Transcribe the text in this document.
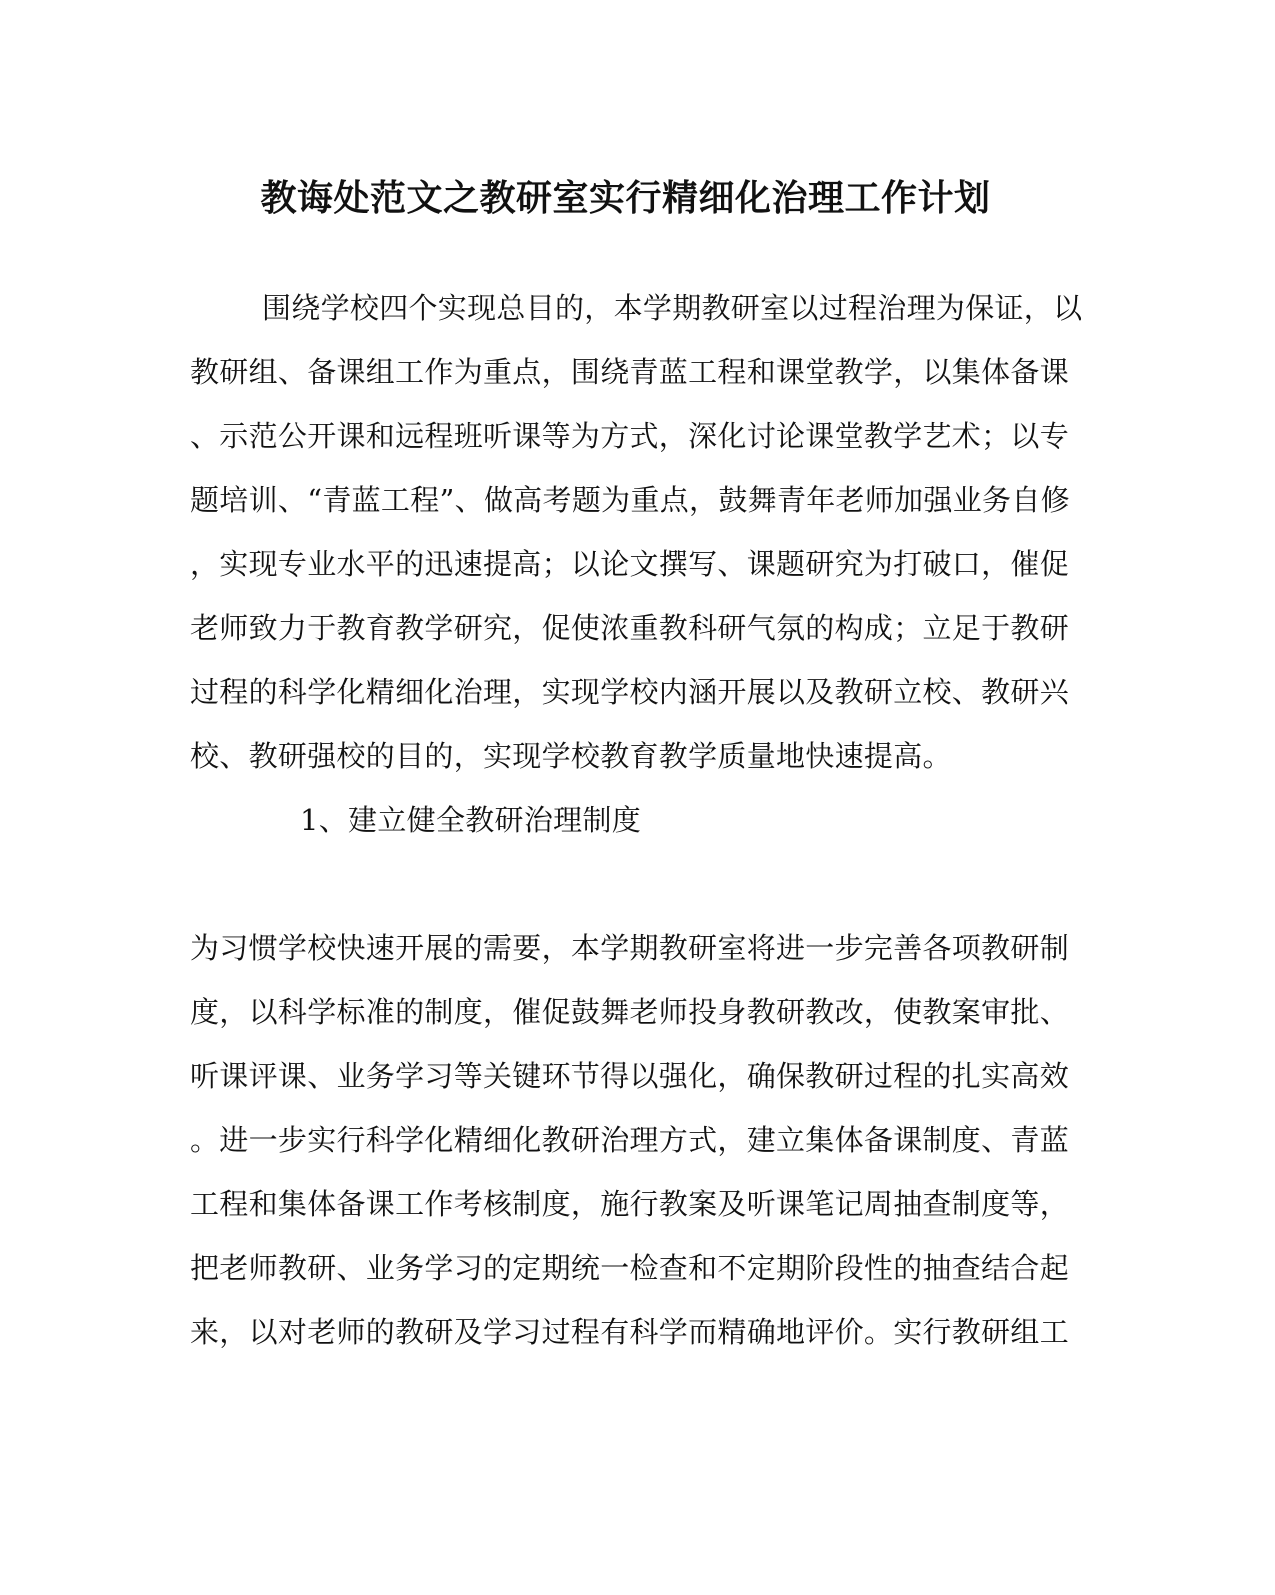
教诲处范文之教研室实行精细化治理工作计划
围绕学校四个实现总目的，本学期教研室以过程治理为保证，以
教研组、备课组工作为重点，围绕青蓝工程和课堂教学，以集体备课
、示范公开课和远程班听课等为方式，深化讨论课堂教学艺术；以专
题培训、“青蓝工程”、做高考题为重点，鼓舞青年老师加强业务自修
，实现专业水平的迅速提高；以论文撰写、课题研究为打破口，催促
老师致力于教育教学研究，促使浓重教科研气氛的构成；立足于教研
过程的科学化精细化治理，实现学校内涵开展以及教研立校、教研兴
校、教研强校的目的，实现学校教育教学质量地快速提高。
1、建立健全教研治理制度
为习惯学校快速开展的需要，本学期教研室将进一步完善各项教研制
度，以科学标准的制度，催促鼓舞老师投身教研教改，使教案审批、
听课评课、业务学习等关键环节得以强化，确保教研过程的扎实高效
。进一步实行科学化精细化教研治理方式，建立集体备课制度、青蓝
工程和集体备课工作考核制度，施行教案及听课笔记周抽查制度等，
把老师教研、业务学习的定期统一检查和不定期阶段性的抽查结合起
来，以对老师的教研及学习过程有科学而精确地评价。实行教研组工
